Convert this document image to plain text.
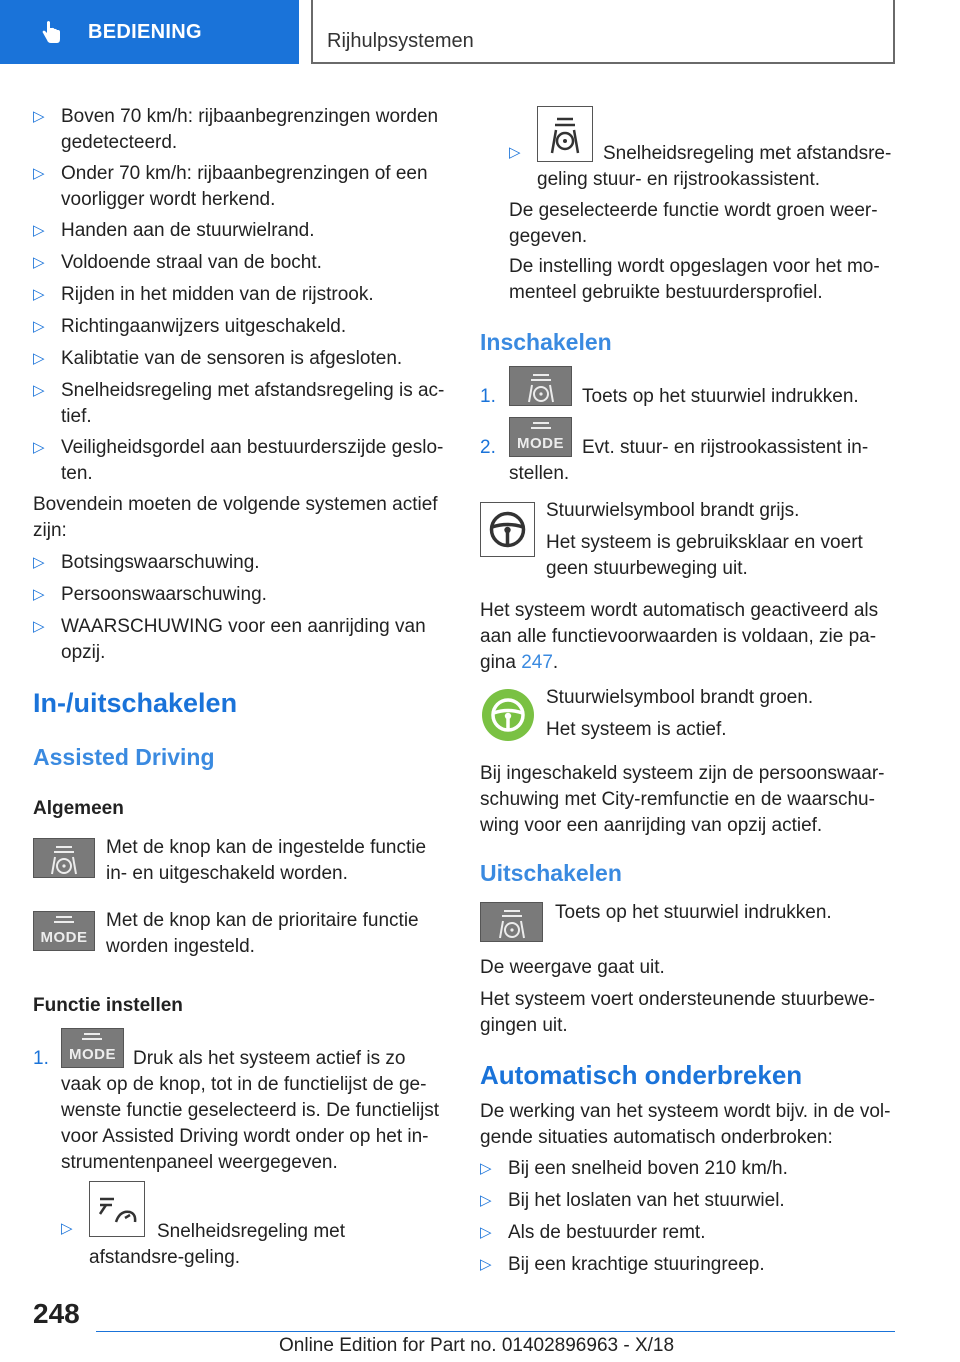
BEDIENING	Rijhulpsystemen
▷ Boven 70 km/h: rijbaanbegrenzingen worden gedetecteerd.
▷ Onder 70 km/h: rijbaanbegrenzingen of een voorligger wordt herkend.
▷ Handen aan de stuurwielrand.
▷ Voldoende straal van de bocht.
▷ Rijden in het midden van de rijstrook.
▷ Richtingaanwijzers uitgeschakeld.
▷ Kalibtatie van de sensoren is afgesloten.
▷ Snelheidsregeling met afstandsregeling is ac-tief.
▷ Veiligheidsgordel aan bestuurderszijde geslo-ten.
Bovendein moeten de volgende systemen actief zijn:
▷ Botsingswaarschuwing.
▷ Persoonswaarschuwing.
▷ WAARSCHUWING voor een aanrijding van opzij.
In-/uitschakelen
Assisted Driving
Algemeen
Met de knop kan de ingestelde functie in- en uitgeschakeld worden.
MODE
Met de knop kan de prioritaire functie worden ingesteld.
Functie instellen
1.	MODE Druk als het systeem actief is zo vaak op de knop, tot in de functielijst de ge-wenste functie geselecteerd is. De functielijst voor Assisted Driving wordt onder op het in-strumentenpaneel weergegeven.
▷	Snelheidsregeling met afstandsre-geling.
▷	Snelheidsregeling met afstandsre-geling stuur- en rijstrookassistent.
De geselecteerde functie wordt groen weer-gegeven.
De instelling wordt opgeslagen voor het mo-menteel gebruikte bestuurdersprofiel.
Inschakelen
1.	Toets op het stuurwiel indrukken.
2.	MODE Evt. stuur- en rijstrookassistent in-stellen.
Stuurwielsymbool brandt grijs.
Het systeem is gebruiksklaar en voert geen stuurbeweging uit.
Het systeem wordt automatisch geactiveerd als aan alle functievoorwaarden is voldaan, zie pa-gina 247.
Stuurwielsymbool brandt groen.
Het systeem is actief.
Bij ingeschakeld systeem zijn de persoonswaar-schuwing met City-remfunctie en de waarschu-wing voor een aanrijding van opzij actief.
Uitschakelen
Toets op het stuurwiel indrukken.
De weergave gaat uit.
Het systeem voert ondersteunende stuurbewe-gingen uit.
Automatisch onderbreken
De werking van het systeem wordt bijv. in de vol-gende situaties automatisch onderbroken:
▷ Bij een snelheid boven 210 km/h.
▷ Bij het loslaten van het stuurwiel.
▷ Als de bestuurder remt.
▷ Bij een krachtige stuuringreep.
248
Online Edition for Part no. 01402896963 - X/18
